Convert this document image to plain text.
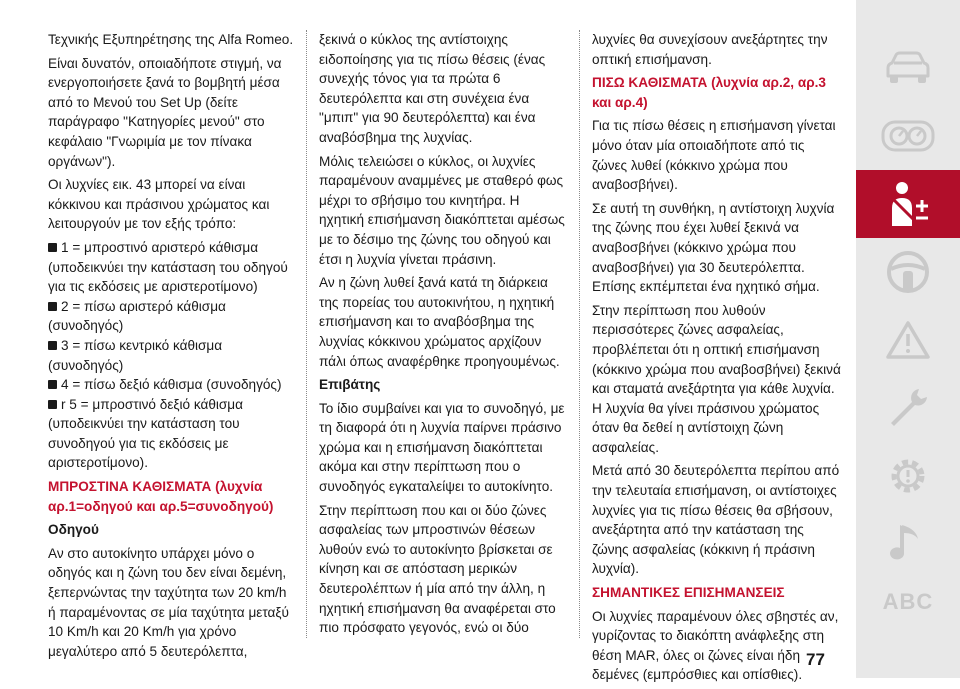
Τεχνικής Εξυπηρέτησης της Alfa Romeo.

Είναι δυνατόν, οποιαδήποτε στιγμή, να ενεργοποιήσετε ξανά το βομβητή μέσα από το Μενού του Set Up (δείτε παράγραφο "Κατηγορίες μενού" στο κεφάλαιο "Γνωριμία με τον πίνακα οργάνων").

Οι λυχνίες εικ. 43 μπορεί να είναι κόκκινου και πράσινου χρώματος και λειτουργούν με τον εξής τρόπο:

1 = μπροστινό αριστερό κάθισμα (υποδεικνύει την κατάσταση του οδηγού για τις εκδόσεις με αριστεροτίμονο)
2 = πίσω αριστερό κάθισμα (συνοδηγός)
3 = πίσω κεντρικό κάθισμα (συνοδηγός)
4 = πίσω δεξιό κάθισμα (συνοδηγός)
r 5 = μπροστινό δεξιό κάθισμα (υποδεικνύει την κατάσταση του συνοδηγού για τις εκδόσεις με αριστεροτίμονο).

ΜΠΡΟΣΤΙΝΑ ΚΑΘΙΣΜΑΤΑ (λυχνία αρ.1=οδηγού και αρ.5=συνοδηγού)
Οδηγού

Αν στο αυτοκίνητο υπάρχει μόνο ο οδηγός και η ζώνη του δεν είναι δεμένη, ξεπερνώντας την ταχύτητα των 20 km/h ή παραμένοντας σε μία ταχύτητα μεταξύ 10 Km/h και 20 Km/h για χρόνο μεγαλύτερο από 5 δευτερόλεπτα,

ξεκινά ο κύκλος της αντίστοιχης ειδοποίησης για τις πίσω θέσεις (ένας συνεχής τόνος για τα πρώτα 6 δευτερόλεπτα και στη συνέχεια ένα "μπιπ" για 90 δευτερόλεπτα) και ένα αναβόσβημα της λυχνίας.

Μόλις τελειώσει ο κύκλος, οι λυχνίες παραμένουν αναμμένες με σταθερό φως μέχρι το σβήσιμο του κινητήρα. Η ηχητική επισήμανση διακόπτεται αμέσως με το δέσιμο της ζώνης του οδηγού και έτσι η λυχνία γίνεται πράσινη.

Αν η ζώνη λυθεί ξανά κατά τη διάρκεια της πορείας του αυτοκινήτου, η ηχητική επισήμανση και το αναβόσβημα της λυχνίας κόκκινου χρώματος αρχίζουν πάλι όπως αναφέρθηκε προηγουμένως.

Επιβάτης

Το ίδιο συμβαίνει και για το συνοδηγό, με τη διαφορά ότι η λυχνία παίρνει πράσινο χρώμα και η επισήμανση διακόπτεται ακόμα και στην περίπτωση που ο συνοδηγός εγκαταλείψει το αυτοκίνητο.

Στην περίπτωση που και οι δύο ζώνες ασφαλείας των μπροστινών θέσεων λυθούν ενώ το αυτοκίνητο βρίσκεται σε κίνηση και σε απόσταση μερικών δευτερολέπτων ή μία από την άλλη, η ηχητική επισήμανση θα αναφέρεται στο πιο πρόσφατο γεγονός, ενώ οι δύο

λυχνίες θα συνεχίσουν ανεξάρτητες την οπτική επισήμανση.

ΠΙΣΩ ΚΑΘΙΣΜΑΤΑ (λυχνία αρ.2, αρ.3 και αρ.4)

Για τις πίσω θέσεις η επισήμανση γίνεται μόνο όταν μία οποιαδήποτε από τις ζώνες λυθεί (κόκκινο χρώμα που αναβοσβήνει).

Σε αυτή τη συνθήκη, η αντίστοιχη λυχνία της ζώνης που έχει λυθεί ξεκινά να αναβοσβήνει (κόκκινο χρώμα που αναβοσβήνει) για 30 δευτερόλεπτα. Επίσης εκπέμπεται ένα ηχητικό σήμα.

Στην περίπτωση που λυθούν περισσότερες ζώνες ασφαλείας, προβλέπεται ότι η οπτική επισήμανση (κόκκινο χρώμα που αναβοσβήνει) ξεκινά και σταματά ανεξάρτητα για κάθε λυχνία. Η λυχνία θα γίνει πράσινου χρώματος όταν θα δεθεί η αντίστοιχη ζώνη ασφαλείας.

Μετά από 30 δευτερόλεπτα περίπου από την τελευταία επισήμανση, οι αντίστοιχες λυχνίες για τις πίσω θέσεις θα σβήσουν, ανεξάρτητα από την κατάσταση της ζώνης ασφαλείας (κόκκινη ή πράσινη λυχνία).

ΣΗΜΑΝΤΙΚΕΣ ΕΠΙΣΗΜΑΝΣΕΙΣ

Οι λυχνίες παραμένουν όλες σβηστές αν, γυρίζοντας το διακόπτη ανάφλεξης στη θέση MAR, όλες οι ζώνες είναι ήδη δεμένες (εμπρόσθιες και οπίσθιες).

77
ABC
